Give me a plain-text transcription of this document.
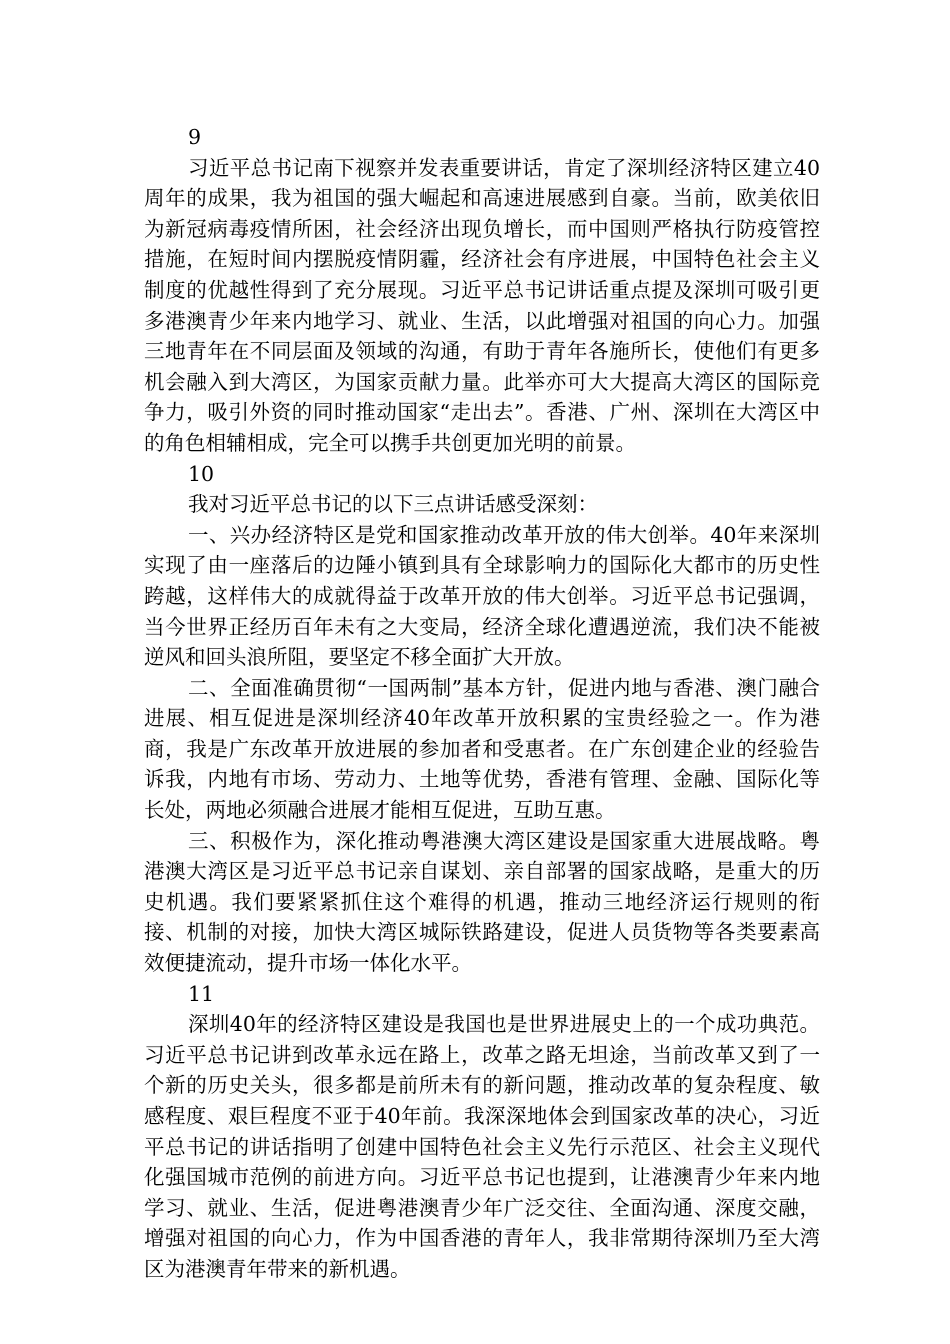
9

习近平总书记南下视察并发表重要讲话，肯定了深圳经济特区建立40周年的成果，我为祖国的强大崛起和高速进展感到自豪。当前，欧美依旧为新冠病毒疫情所困，社会经济出现负增长，而中国则严格执行防疫管控措施，在短时间内摆脱疫情阴霾，经济社会有序进展，中国特色社会主义制度的优越性得到了充分展现。习近平总书记讲话重点提及深圳可吸引更多港澳青少年来内地学习、就业、生活，以此增强对祖国的向心力。加强三地青年在不同层面及领域的沟通，有助于青年各施所长，使他们有更多机会融入到大湾区，为国家贡献力量。此举亦可大大提高大湾区的国际竞争力，吸引外资的同时推动国家“走出去”。香港、广州、深圳在大湾区中的角色相辅相成，完全可以携手共创更加光明的前景。

10

我对习近平总书记的以下三点讲话感受深刻：

一、兴办经济特区是党和国家推动改革开放的伟大创举。40年来深圳实现了由一座落后的边陲小镇到具有全球影响力的国际化大都市的历史性跨越，这样伟大的成就得益于改革开放的伟大创举。习近平总书记强调，当今世界正经历百年未有之大变局，经济全球化遭遇逆流，我们决不能被逆风和回头浪所阻，要坚定不移全面扩大开放。

二、全面准确贯彻“一国两制”基本方针，促进内地与香港、澳门融合进展、相互促进是深圳经济40年改革开放积累的宝贵经验之一。作为港商，我是广东改革开放进展的参加者和受惠者。在广东创建企业的经验告诉我，内地有市场、劳动力、土地等优势，香港有管理、金融、国际化等长处，两地必须融合进展才能相互促进，互助互惠。

三、积极作为，深化推动粤港澳大湾区建设是国家重大进展战略。粤港澳大湾区是习近平总书记亲自谋划、亲自部署的国家战略，是重大的历史机遇。我们要紧紧抓住这个难得的机遇，推动三地经济运行规则的衔接、机制的对接，加快大湾区城际铁路建设，促进人员货物等各类要素高效便捷流动，提升市场一体化水平。

11

深圳40年的经济特区建设是我国也是世界进展史上的一个成功典范。习近平总书记讲到改革永远在路上，改革之路无坦途，当前改革又到了一个新的历史关头，很多都是前所未有的新问题，推动改革的复杂程度、敏感程度、艰巨程度不亚于40年前。我深深地体会到国家改革的决心，习近平总书记的讲话指明了创建中国特色社会主义先行示范区、社会主义现代化强国城市范例的前进方向。习近平总书记也提到，让港澳青少年来内地学习、就业、生活，促进粤港澳青少年广泛交往、全面沟通、深度交融，增强对祖国的向心力，作为中国香港的青年人，我非常期待深圳乃至大湾区为港澳青年带来的新机遇。
